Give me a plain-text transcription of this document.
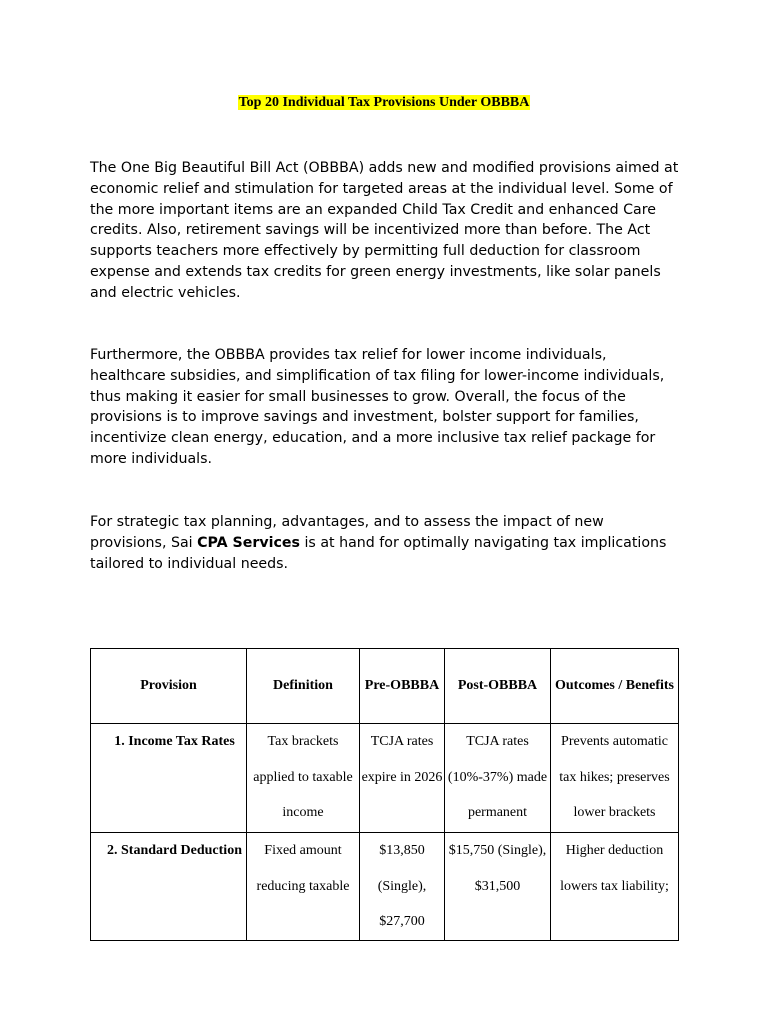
Top 20 Individual Tax Provisions Under OBBBA

The One Big Beautiful Bill Act (OBBBA) adds new and modified provisions aimed at economic relief and stimulation for targeted areas at the individual level. Some of the more important items are an expanded Child Tax Credit and enhanced Care credits. Also, retirement savings will be incentivized more than before. The Act supports teachers more effectively by permitting full deduction for classroom expense and extends tax credits for green energy investments, like solar panels and electric vehicles.

Furthermore, the OBBBA provides tax relief for lower income individuals, healthcare subsidies, and simplification of tax filing for lower-income individuals, thus making it easier for small businesses to grow. Overall, the focus of the provisions is to improve savings and investment, bolster support for families, incentivize clean energy, education, and a more inclusive tax relief package for more individuals.

For strategic tax planning, advantages, and to assess the impact of new provisions, Sai CPA Services is at hand for optimally navigating tax implications tailored to individual needs.

Provision	Definition	Pre-OBBBA	Post-OBBBA	Outcomes / Benefits

1. Income Tax Rates	Tax brackets applied to taxable income	TCJA rates expire in 2026	TCJA rates (10%-37%) made permanent	Prevents automatic tax hikes; preserves lower brackets

2. Standard Deduction	Fixed amount reducing taxable	$13,850 (Single), $27,700	$15,750 (Single), $31,500	Higher deduction lowers tax liability;
